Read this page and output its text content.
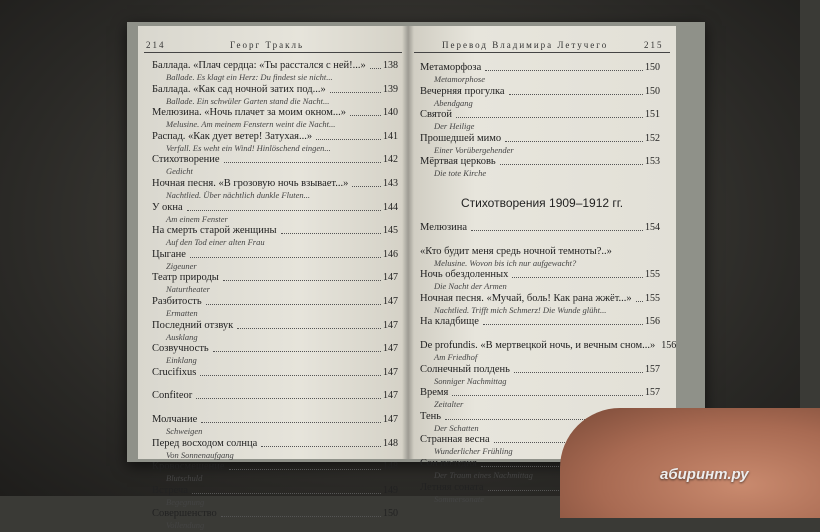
214	Георг Тракль
Баллада. «Плач сердца: «Ты расстался с ней!...» 138
Ballade. Es klagt ein Herz: Du findest sie nicht...
Баллада. «Как сад ночной затих под...»	139
Ballade. Ein schwüler Garten stand die Nacht...
Мелюзина. «Ночь плачет за моим окном...»	140
Melusine. Am meinem Fenstern weint die Nacht...
Распад. «Как дует ветер! Затухая...»	141
Verfall. Es weht ein Wind! Hinlöschend eingen...
Стихотворение	142
Gedicht
Ночная песня. «В грозовую ночь взывает...»	143
Nachtlied. Über nächtlich dunkle Fluten...
У окна	144
Am einem Fenster
На смерть старой женщины	145
Auf den Tod einer alten Frau
Цыгане	146
Zigeuner
Театр природы	147
Naturtheater
Разбитость	147
Ermatten
Последний отзвук	147
Ausklang
Созвучность	147
Einklang
Crucifixus	147
Confiteor	147
Молчание	147
Schweigen
Перед восходом солнца	148
Von Sonnenaufgang
Кровосмешение	148
Blutschuld
Встреча	149
Begegnung
Совершенство	150
Vollendung
Перевод Владимира Летучего	215
Метаморфоза	150
Metamorphose
Вечерняя прогулка	150
Abendgang
Святой	151
Der Heilige
Прошедшей мимо	152
Einer Vorübergehender
Мёртвая церковь	153
Die tote Kirche
Стихотворения 1909–1912 гг.
Мелюзина	154
«Кто будит меня средь ночной темноты?..»
Melusine. Wovon bis ich nur aufgewacht?
Ночь обездоленных	155
Die Nacht der Armen
Ночная песня. «Мучай, боль! Как рана жжёт...» 155
Nachtlied. Trifft mich Schmerz! Die Wunde glüht...
На кладбище	156
De profundis. «В мертвецкой ночь, и вечным сном...» 156
Am Friedhof
Солнечный полдень	157
Sonniger Nachmittag
Время	157
Zeitalter
Тень
Der Schatten
Странная весна
Wunderlicher Frühling
Сон полудня
Der Traum eines Nachmittag
Летняя соната
Sommersonate
абиринт.ру
